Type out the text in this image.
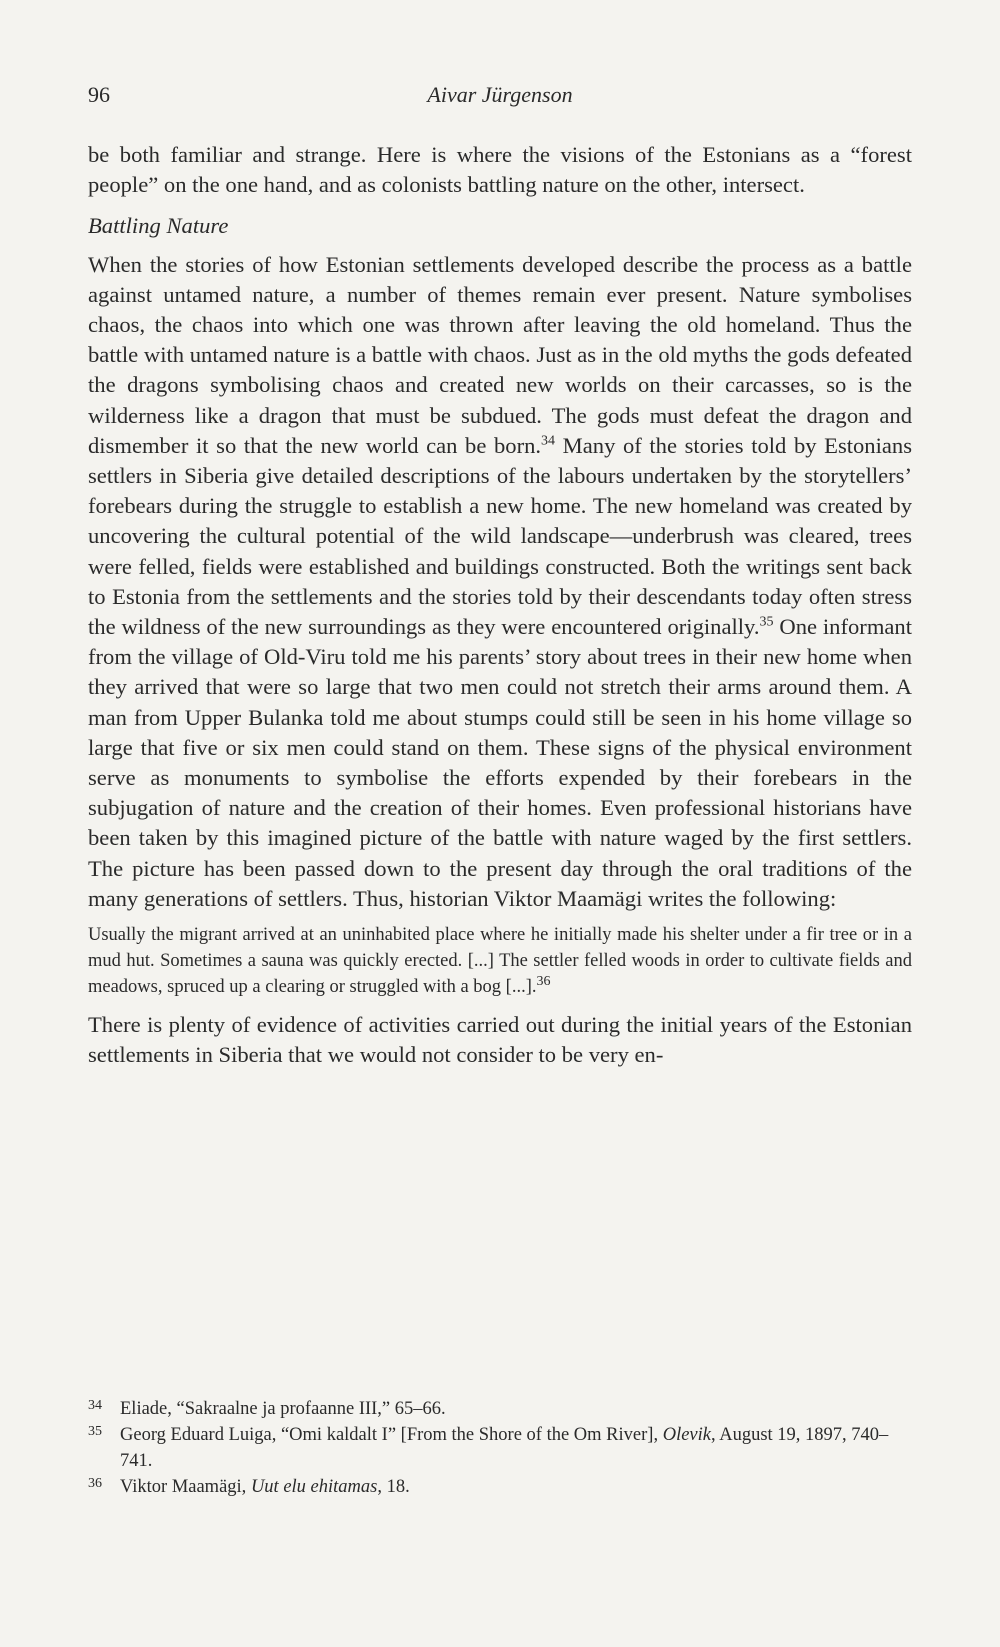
96	Aivar Jürgenson

be both familiar and strange. Here is where the visions of the Estonians as a “forest people” on the one hand, and as colonists battling nature on the other, intersect.

Battling Nature

When the stories of how Estonian settlements developed describe the process as a battle against untamed nature, a number of themes remain ever present. Nature symbolises chaos, the chaos into which one was thrown after leaving the old homeland. Thus the battle with untamed nature is a battle with chaos. Just as in the old myths the gods defeated the dragons symbolising chaos and created new worlds on their carcasses, so is the wilderness like a dragon that must be subdued. The gods must defeat the dragon and dismember it so that the new world can be born.$^{34}$ Many of the stories told by Estonians settlers in Siberia give detailed descriptions of the labours undertaken by the storytellers’ forebears during the struggle to establish a new home. The new homeland was created by uncovering the cultural potential of the wild landscape—underbrush was cleared, trees were felled, fields were established and buildings constructed. Both the writings sent back to Estonia from the settlements and the stories told by their descendants today often stress the wildness of the new surroundings as they were encountered originally.$^{35}$ One informant from the village of Old-Viru told me his parents’ story about trees in their new home when they arrived that were so large that two men could not stretch their arms around them. A man from Upper Bulanka told me about stumps could still be seen in his home village so large that five or six men could stand on them. These signs of the physical environment serve as monuments to symbolise the efforts expended by their forebears in the subjugation of nature and the creation of their homes. Even professional historians have been taken by this imagined picture of the battle with nature waged by the first settlers. The picture has been passed down to the present day through the oral traditions of the many generations of settlers. Thus, historian Viktor Maamägi writes the following:

Usually the migrant arrived at an uninhabited place where he initially made his shelter under a fir tree or in a mud hut. Sometimes a sauna was quickly erected. [...] The settler felled woods in order to cultivate fields and meadows, spruced up a clearing or struggled with a bog [...].$^{36}$

There is plenty of evidence of activities carried out during the initial years of the Estonian settlements in Siberia that we would not consider to be very en-

34 Eliade, “Sakraalne ja profaanne III,” 65–66.
35 Georg Eduard Luiga, “Omi kaldalt I” [From the Shore of the Om River], Olevik, August 19, 1897, 740–741.
36 Viktor Maamägi, Uut elu ehitamas, 18.
